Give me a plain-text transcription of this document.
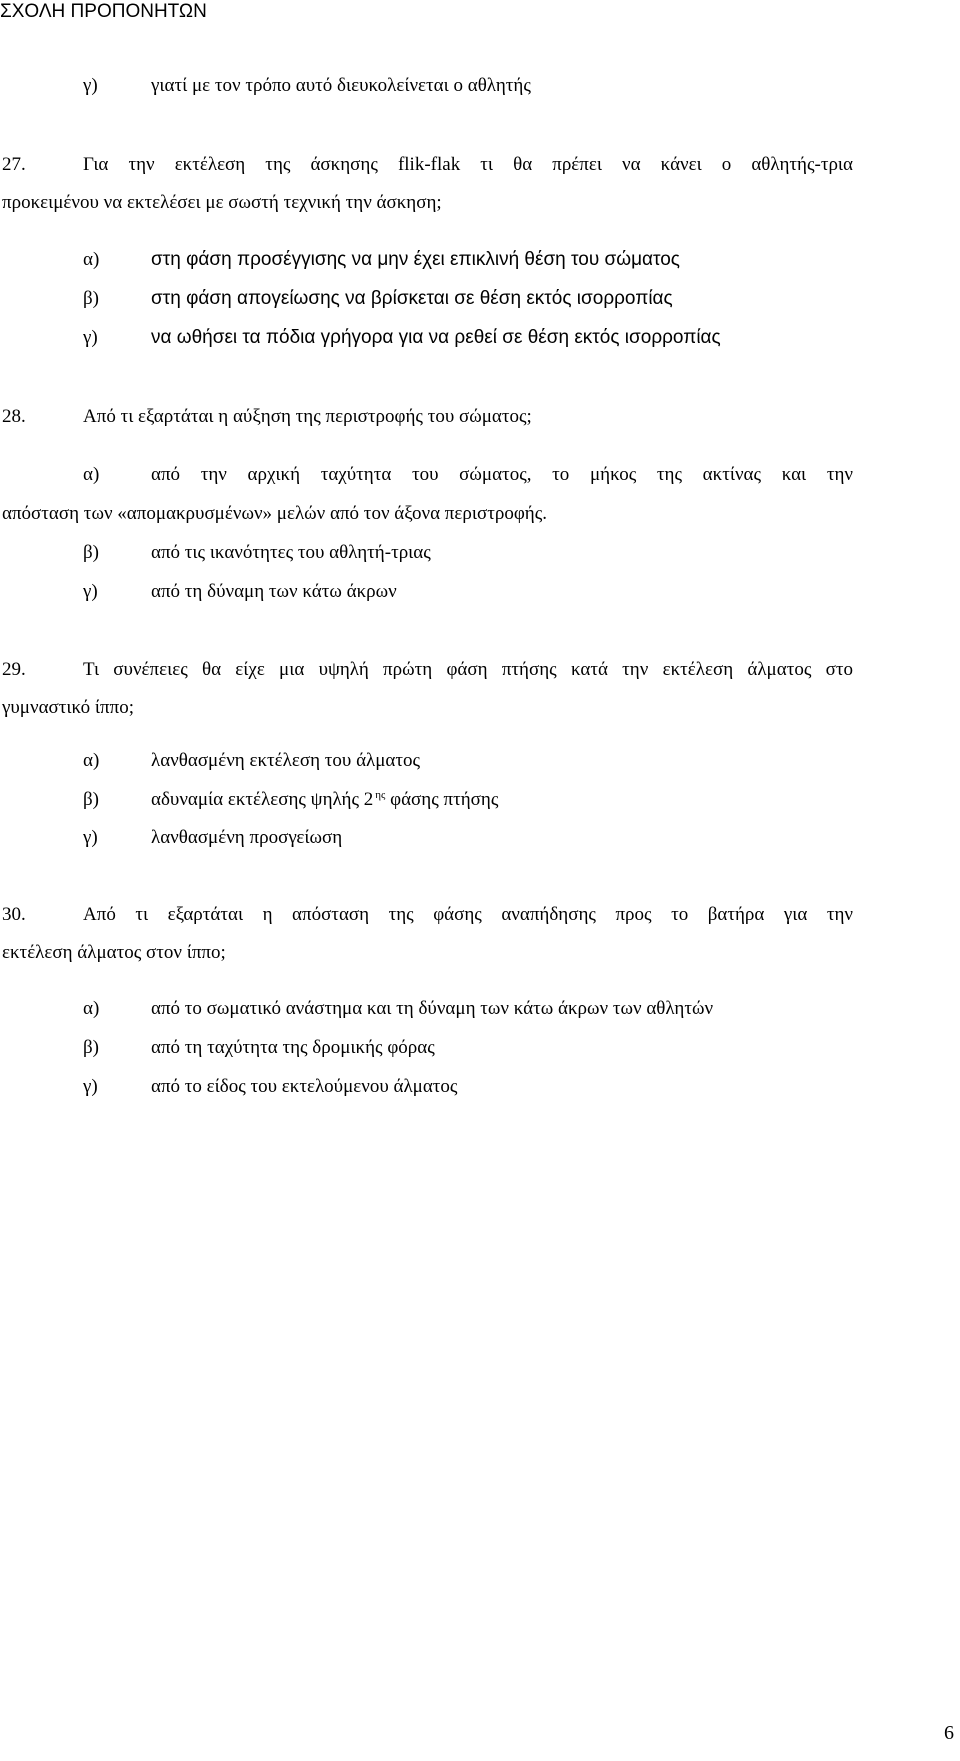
ΣΧΟΛΗ ΠΡΟΠΟΝΗΤΩΝ
γ)	γιατί με τον τρόπο αυτό διευκολείνεται ο αθλητής
27.	Για την εκτέλεση της άσκησης flik-flak τι θα πρέπει να κάνει ο αθλητής-τρια
προκειμένου να εκτελέσει με σωστή τεχνική την άσκηση;
α)	στη φάση προσέγγισης να μην έχει επικλινή θέση του σώματος
β)	στη φάση απογείωσης να βρίσκεται σε θέση εκτός ισορροπίας
γ)	να ωθήσει τα πόδια γρήγορα για να ρεθεί σε θέση εκτός ισορροπίας
28.	Από τι εξαρτάται η αύξηση της περιστροφής του σώματος;
α)	από την αρχική ταχύτητα του σώματος, το μήκος της ακτίνας και την
απόσταση των «απομακρυσμένων» μελών από τον άξονα περιστροφής.
β)	από τις ικανότητες του αθλητή-τριας
γ)	από τη δύναμη των κάτω άκρων
29.	Τι συνέπειες θα είχε μια υψηλή πρώτη φάση πτήσης κατά την εκτέλεση άλματος στο
γυμναστικό ίππο;
α)	λανθασμένη εκτέλεση του άλματος
β)	αδυναμία εκτέλεσης ψηλής 2 $^{\eta\varsigma}$ φάσης πτήσης
γ)	λανθασμένη προσγείωση
30.	Από τι εξαρτάται η απόσταση της φάσης αναπήδησης προς το βατήρα για την
εκτέλεση άλματος στον ίππο;
α)	από το σωματικό ανάστημα και τη δύναμη των κάτω άκρων των αθλητών
β)	από τη ταχύτητα της δρομικής φόρας
γ)	από το είδος του εκτελούμενου άλματος
6
